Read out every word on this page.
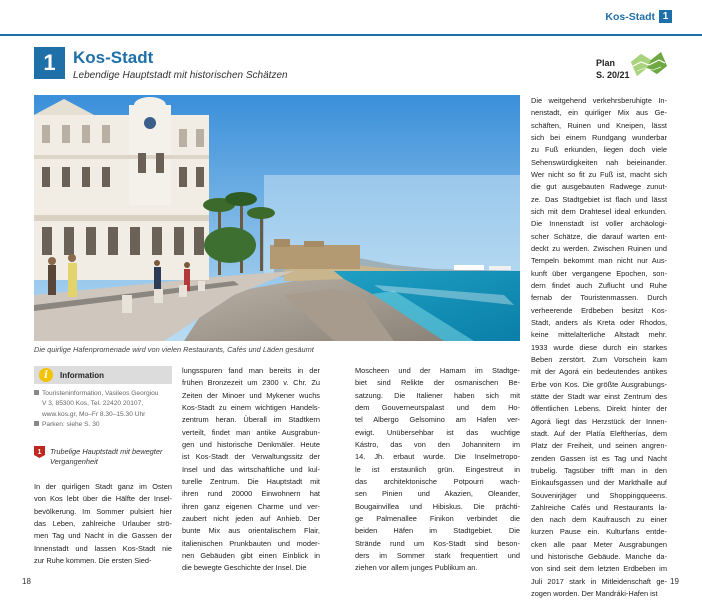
Kos-Stadt 1
1	Kos-Stadt
Lebendige Hauptstadt mit historischen Schätzen
Plan
S. 20/21
Die quirlige Hafenpromenade wird von vielen Restaurants, Cafés und Läden gesäumt
i	Information
Touristeninformation, Vasileos Georgiou
V 3, 85300 Kos, Tel. 22420 20107,
www.kos.gr, Mo–Fr 8.30–15.30 Uhr
Parken: siehe S. 30
1 Trubelige Hauptstadt mit bewegter
Vergangenheit
In der quirligen Stadt ganz im Osten
von Kos lebt über die Hälfte der Insel-
bevölkerung. Im Sommer pulsiert hier
das Leben, zahlreiche Urlauber strö-
men Tag und Nacht in die Gassen der
Innenstadt und lassen Kos-Stadt nie
zur Ruhe kommen. Die ersten Sied-
lungsspuren fand man bereits in der
frühen Bronzezeit um 2300 v. Chr. Zu
Zeiten der Minoer und Mykener wuchs
Kos-Stadt zu einem wichtigen Handels-
zentrum heran. Überall im Stadtkern
verteilt, findet man antike Ausgrabun-
gen und historische Denkmäler. Heute
ist Kos-Stadt der Verwaltungssitz der
Insel und das wirtschaftliche und kul-
turelle Zentrum. Die Hauptstadt mit
ihren rund 20000 Einwohnern hat
ihren ganz eigenen Charme und ver-
zaubert nicht jeden auf Anhieb. Der
bunte Mix aus orientalischem Flair,
italienischen Prunkbauten und moder-
nen Gebäuden gibt einen Einblick in
die bewegte Geschichte der Insel. Die
Moscheen und der Hamam im Stadtge-
biet sind Relikte der osmanischen Be-
satzung. Die Italiener haben sich mit
dem Gouverneurspalast und dem Ho-
tel Albergo Gelsomino am Hafen ver-
ewigt. Unübersehbar ist das wuchtige
Kástro, das von den Johannitern im
14. Jh. erbaut wurde. Die Inselmetropo-
le ist erstaunlich grün. Eingestreut in
das architektonische Potpourri wach-
sen Pinien und Akazien, Oleander,
Bougainvillea und Hibiskus. Die prächti-
ge Palmenallee Finikon verbindet die
beiden Häfen im Stadtgebiet. Die
Strände rund um Kos-Stadt sind beson-
ders im Sommer stark frequentiert und
ziehen vor allem junges Publikum an.
Die weitgehend verkehrsberuhigte In-
nenstadt, ein quirliger Mix aus Ge-
schäften, Ruinen und Kneipen, lässt
sich bei einem Rundgang wunderbar
zu Fuß erkunden, liegen doch viele
Sehenswürdigkeiten nah beieinander.
Wer nicht so fit zu Fuß ist, macht sich
die gut ausgebauten Radwege zunut-
ze. Das Stadtgebiet ist flach und lässt
sich mit dem Drahtesel ideal erkunden.
Die Innenstadt ist voller archäologi-
scher Schätze, die darauf warten ent-
deckt zu werden. Zwischen Ruinen und
Tempeln bekommt man nicht nur Aus-
kunft über vergangene Epochen, son-
dern findet auch Zuflucht und Ruhe
fernab der Touristenmassen. Durch
verheerende Erdbeben besitzt Kos-
Stadt, anders als Kreta oder Rhodos,
keine mittelalterliche Altstadt mehr.
1933 wurde diese durch ein starkes
Beben zerstört. Zum Vorschein kam
mit der Agorá ein bedeutendes antikes
Erbe von Kos. Die größte Ausgrabungs-
stätte der Stadt war einst Zentrum des
öffentlichen Lebens. Direkt hinter der
Agorá liegt das Herzstück der Innen-
stadt. Auf der Platía Eleftherías, dem
Platz der Freiheit, und seinen angren-
zenden Gassen ist es Tag und Nacht
trubelig. Tagsüber trifft man in den
Einkaufsgassen und der Markthalle auf
Souvenirjäger und Shoppingqueens.
Zahlreiche Cafés und Restaurants la-
den nach dem Kaufrausch zu einer
kurzen Pause ein. Kulturfans entde-
cken alle paar Meter Ausgrabungen
und historische Gebäude. Manche da-
von sind seit dem letzten Erdbeben im
Juli 2017 stark in Mitleidenschaft ge-
zogen worden. Der Mandráki-Hafen ist
18	19
